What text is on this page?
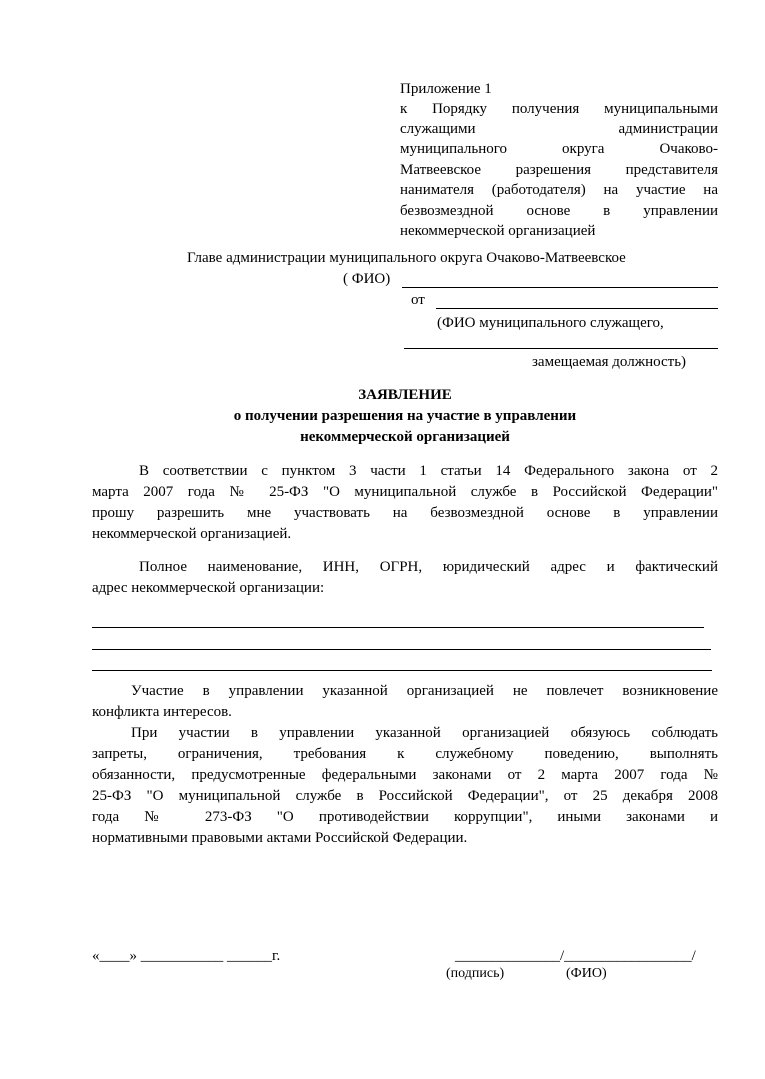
Приложение 1
к Порядку получения муниципальными
служащими администрации
муниципального округа Очаково-
Матвеевское разрешения представителя
нанимателя (работодателя) на участие на
безвозмездной основе в управлении
некоммерческой организацией
Главе администрации муниципального округа Очаково-Матвеевское
( ФИО)
от
(ФИО муниципального служащего,
замещаемая должность)
ЗАЯВЛЕНИЕ
о получении разрешения на участие в управлении
некоммерческой организацией
В соответствии с пунктом 3 части 1 статьи 14 Федерального закона от 2
марта 2007 года № 25-ФЗ "О муниципальной службе в Российской Федерации"
прошу разрешить мне участвовать на безвозмездной основе в управлении
некоммерческой организацией.
Полное наименование, ИНН, ОГРН, юридический адрес и фактический
адрес некоммерческой организации:
Участие в управлении указанной организацией не повлечет возникновение
конфликта интересов.
При участии в управлении указанной организацией обязуюсь соблюдать
запреты, ограничения, требования к служебному поведению, выполнять
обязанности, предусмотренные федеральными законами от 2 марта 2007 года №
25-ФЗ "О муниципальной службе в Российской Федерации", от 25 декабря 2008
года № 273-ФЗ "О противодействии коррупции", иными законами и
нормативными правовыми актами Российской Федерации.
«____» ___________ ______г.	______________/_________________/
(подпись)	(ФИО)
